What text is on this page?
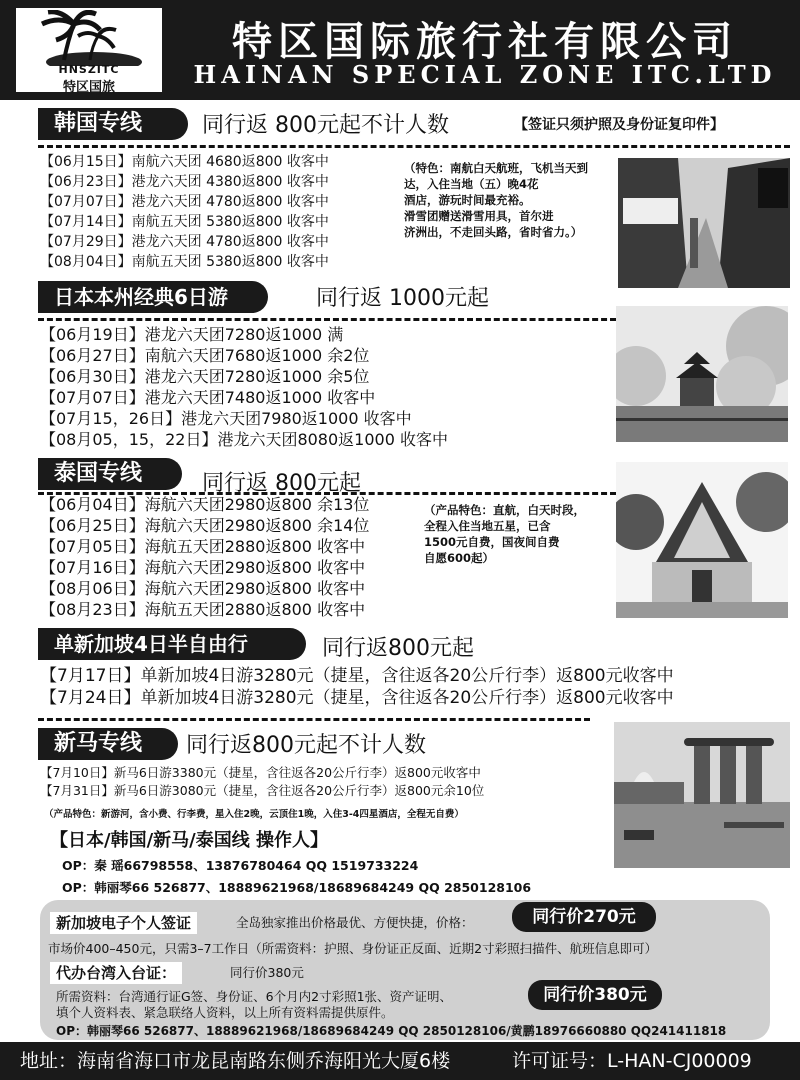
HNSZITC
特区国旅
特区国际旅行社有限公司
HAINAN SPECIAL ZONE ITC.LTD
韩国专线	同行返 800元起不计人数	【签证只须护照及身份证复印件】
【06月15日】南航六天团 4680返800 收客中
【06月23日】港龙六天团 4380返800 收客中
【07月07日】港龙六天团 4780返800 收客中
【07月14日】南航五天团 5380返800 收客中
【07月29日】港龙六天团 4780返800 收客中
【08月04日】南航五天团 5380返800 收客中
（特色：南航白天航班，飞机当天到
达，入住当地（五）晚4花
酒店，游玩时间最充裕。
滑雪团赠送滑雪用具，首尔进
济洲出，不走回头路，省时省力。）
日本本州经典6日游	同行返 1000元起
【06月19日】港龙六天团7280返1000 满
【06月27日】南航六天团7680返1000 余2位
【06月30日】港龙六天团7280返1000 余5位
【07月07日】港龙六天团7480返1000 收客中
【07月15，26日】港龙六天团7980返1000 收客中
【08月05，15，22日】港龙六天团8080返1000 收客中
泰国专线	同行返 800元起
【06月04日】海航六天团2980返800 余13位
【06月25日】海航六天团2980返800 余14位
【07月05日】海航五天团2880返800 收客中
【07月16日】海航六天团2980返800 收客中
【08月06日】海航六天团2980返800 收客中
【08月23日】海航五天团2880返800 收客中
（产品特色：直航，白天时段，
全程入住当地五星，已含
1500元自费，国夜间自费
自愿600起）
单新加坡4日半自由行	同行返800元起
【7月17日】单新加坡4日游3280元（捷星，含往返各20公斤行李）返800元收客中
【7月24日】单新加坡4日游3280元（捷星，含往返各20公斤行李）返800元收客中
新马专线	同行返800元起不计人数
【7月10日】新马6日游3380元（捷星，含往返各20公斤行李）返800元收客中
【7月31日】新马6日游3080元（捷星，含往返各20公斤行李）返800元余10位
（产品特色：新游河，含小费、行李费，星入住2晚，云顶住1晚，入住3-4四星酒店，全程无自费）
【日本/韩国/新马/泰国线 操作人】
OP：秦 瑶66798558、13876780464 QQ 1519733224
OP：韩丽琴66 526877、18889621968/18689684249 QQ 2850128106
新加坡电子个人签证	全岛独家推出价格最优、方便快捷，价格：	同行价270元
市场价400–450元，只需3–7工作日（所需资料：护照、身份证正反面、近期2寸彩照扫描件、航班信息即可）
代办台湾入台证：	同行价380元
所需资料：台湾通行证G签、身份证、6个月内2寸彩照1张、资产证明、
填个人资料表、紧急联络人资料，以上所有资料需提供原件。
同行价380元
OP：韩丽琴66 526877、18889621968/18689684249 QQ 2850128106/黄鹏18976660880 QQ241411818
地址：海南省海口市龙昆南路东侧乔海阳光大厦6楼	许可证号：L-HAN-CJ00009
